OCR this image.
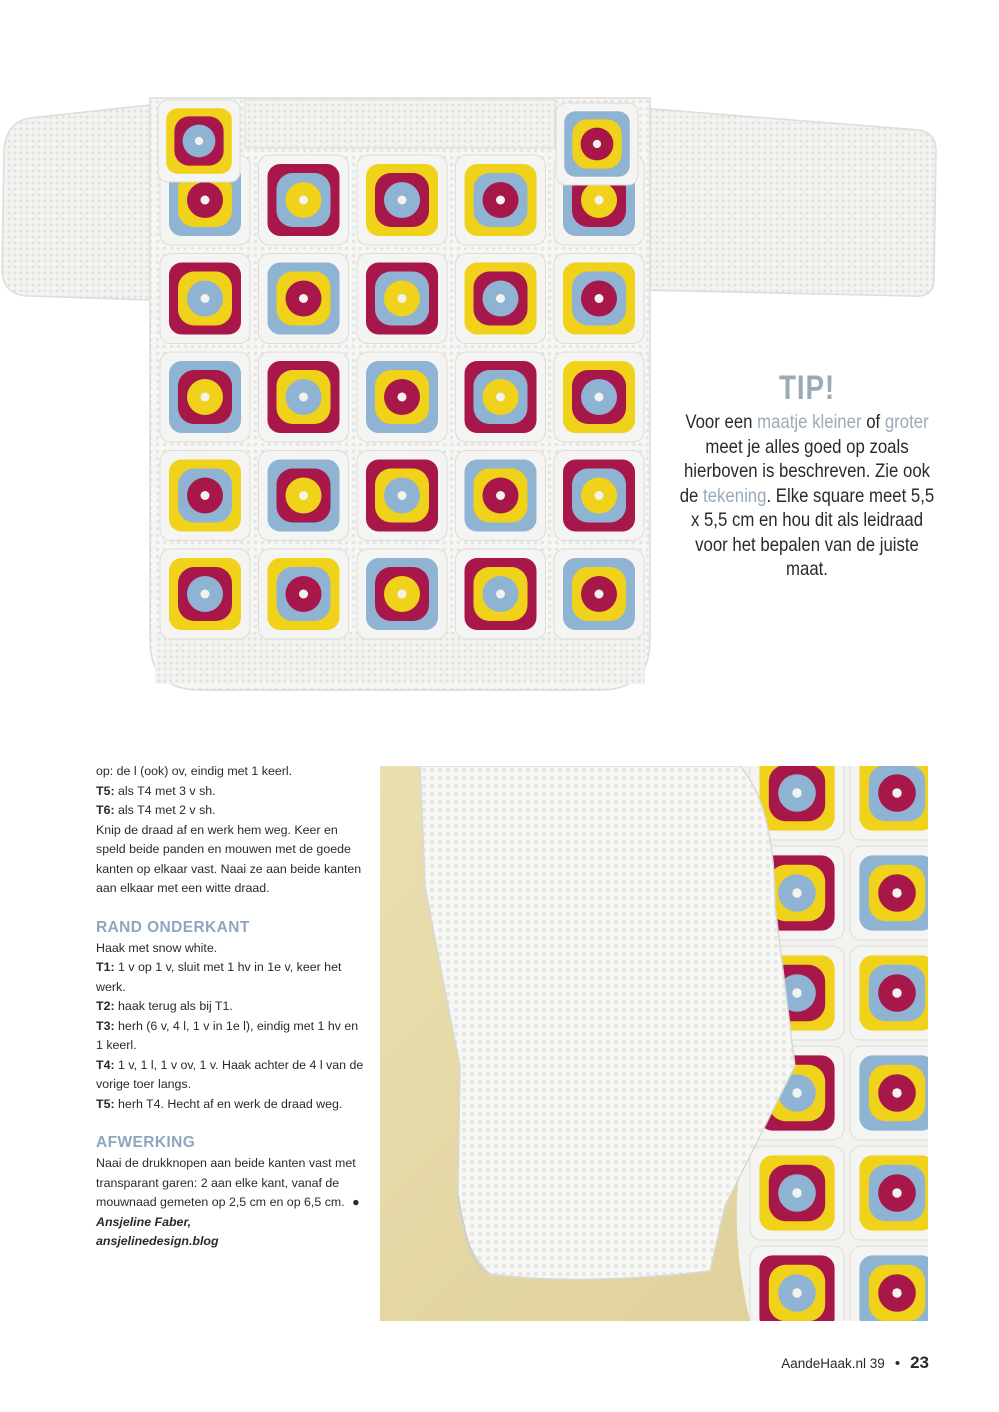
TIP!
Voor een maatje kleiner of groter meet je alles goed op zoals hierboven is beschreven. Zie ook de tekening. Elke square meet 5,5 x 5,5 cm en hou dit als leidraad voor het bepalen van de juiste maat.

op: de l (ook) ov, eindig met 1 keerl.

T5: als T4 met 3 v sh.

T6: als T4 met 2 v sh.

Knip de draad af en werk hem weg. Keer en speld beide panden en mouwen met de goede kanten op elkaar vast. Naai ze aan beide kanten aan elkaar met een witte draad.

RAND ONDERKANT

Haak met snow white.

T1: 1 v op 1 v, sluit met 1 hv in 1e v, keer het werk.

T2: haak terug als bij T1.

T3: herh (6 v, 4 l, 1 v in 1e l), eindig met 1 hv en 1 keerl.

T4: 1 v, 1 l, 1 v ov, 1 v. Haak achter de 4 l van de vorige toer langs.

T5: herh T4. Hecht af en werk de draad weg.

AFWERKING

Naai de drukknopen aan beide kanten vast met transparant garen: 2 aan elke kant, vanaf de mouwnaad gemeten op 2,5 cm en op 6,5 cm. ●

Ansjeline Faber,

ansjelinedesign.blog

AandeHaak.nl 39 • 23
